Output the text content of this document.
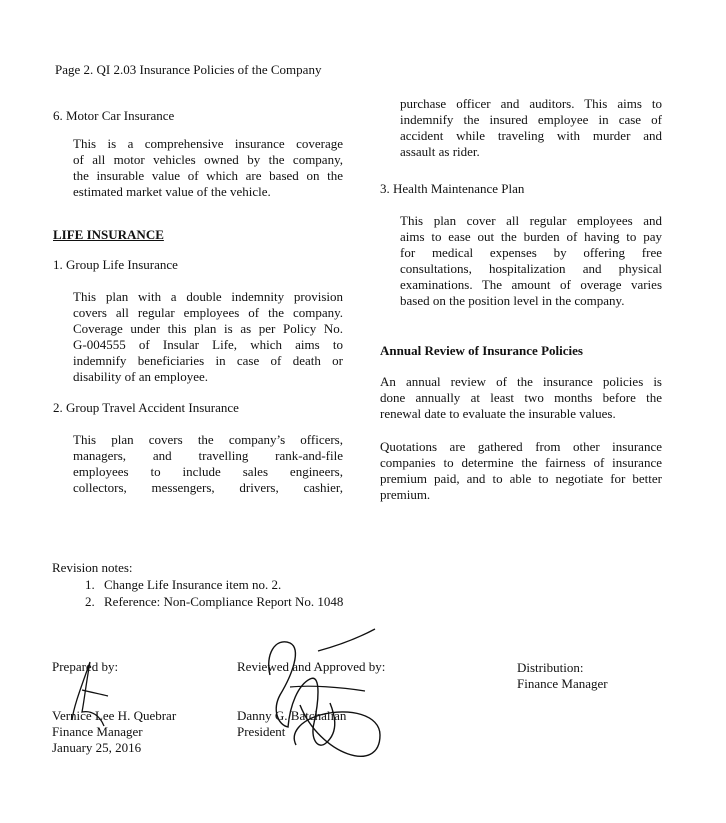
Page 2. QI 2.03 Insurance Policies of the Company
6. Motor Car Insurance
This is a comprehensive insurance coverage
of all motor vehicles owned by the company,
the insurable value of which are based on the
estimated market value of the vehicle.
LIFE INSURANCE
1. Group Life Insurance
This plan with a double indemnity provision
covers all regular employees of the company.
Coverage under this plan is as per Policy No.
G-004555 of Insular Life, which aims to
indemnify beneficiaries in case of death or
disability of an employee.
2. Group Travel Accident Insurance
This plan covers the company’s officers,
managers, and travelling rank-and-file
employees to include sales engineers,
collectors, messengers, drivers, cashier,
purchase officer and auditors. This aims to
indemnify the insured employee in case of
accident while traveling with murder and
assault as rider.
3. Health Maintenance Plan
This plan cover all regular employees and
aims to ease out the burden of having to pay
for medical expenses by offering free
consultations, hospitalization and physical
examinations. The amount of overage varies
based on the position level in the company.
Annual Review of Insurance Policies
An annual review of the insurance policies is
done annually at least two months before the
renewal date to evaluate the insurable values.
Quotations are gathered from other insurance
companies to determine the fairness of insurance
premium paid, and to able to negotiate for better
premium.
Revision notes:
1. Change Life Insurance item no. 2.
2. Reference: Non-Compliance Report No. 1048
Prepared by:
Vernice Lee H. Quebrar
Finance Manager
January 25, 2016
Reviewed and Approved by:
Danny G. Batchalian
President
Distribution:
Finance Manager
